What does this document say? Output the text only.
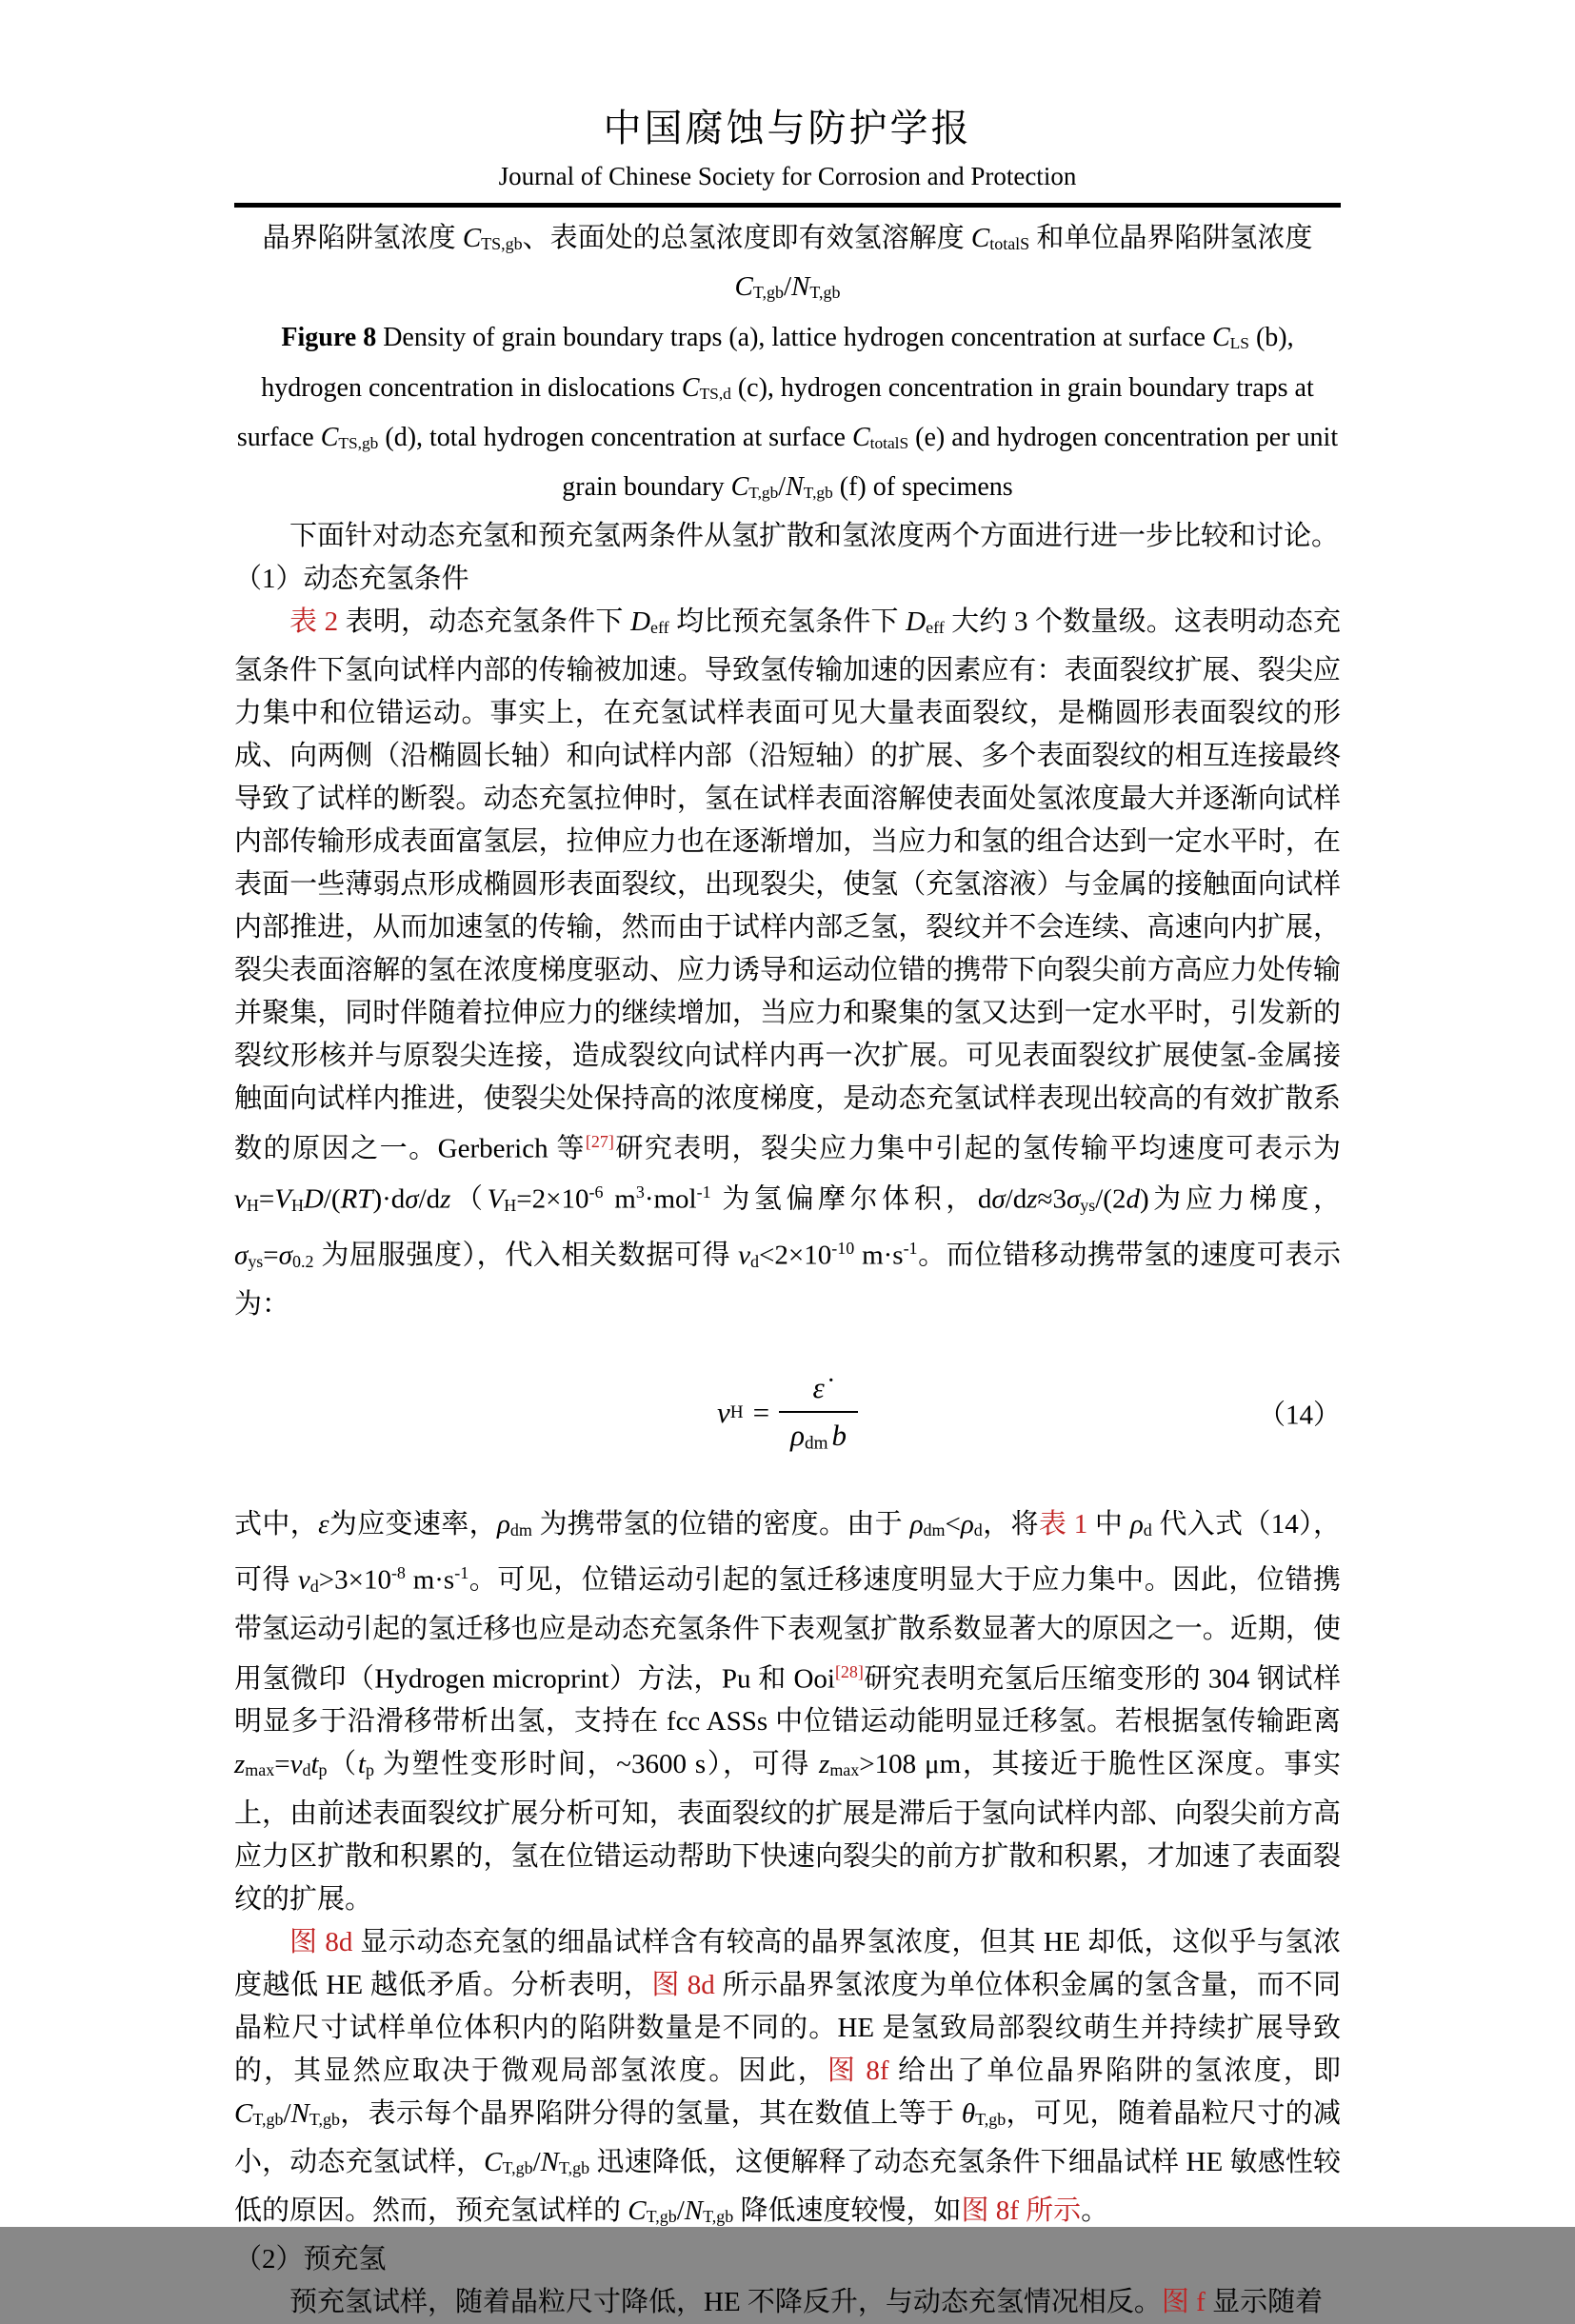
中国腐蚀与防护学报
Journal of Chinese Society for Corrosion and Protection

晶界陷阱氢浓度 CTS,gb、表面处的总氢浓度即有效氢溶解度 CtotalS 和单位晶界陷阱氢浓度

CT,gb/NT,gb

Figure 8 Density of grain boundary traps (a), lattice hydrogen concentration at surface CLS (b), hydrogen concentration in dislocations CTS,d (c), hydrogen concentration in grain boundary traps at surface CTS,gb (d), total hydrogen concentration at surface CtotalS (e) and hydrogen concentration per unit grain boundary CT,gb/NT,gb (f) of specimens

下面针对动态充氢和预充氢两条件从氢扩散和氢浓度两个方面进行进一步比较和讨论。

（1）动态充氢条件

表 2 表明，动态充氢条件下 Deff 均比预充氢条件下 Deff 大约 3 个数量级。这表明动态充氢条件下氢向试样内部的传输被加速。导致氢传输加速的因素应有：表面裂纹扩展、裂尖应力集中和位错运动。事实上，在充氢试样表面可见大量表面裂纹，是椭圆形表面裂纹的形成、向两侧（沿椭圆长轴）和向试样内部（沿短轴）的扩展、多个表面裂纹的相互连接最终导致了试样的断裂。动态充氢拉伸时，氢在试样表面溶解使表面处氢浓度最大并逐渐向试样内部传输形成表面富氢层，拉伸应力也在逐渐增加，当应力和氢的组合达到一定水平时，在表面一些薄弱点形成椭圆形表面裂纹，出现裂尖，使氢（充氢溶液）与金属的接触面向试样内部推进，从而加速氢的传输，然而由于试样内部乏氢，裂纹并不会连续、高速向内扩展，裂尖表面溶解的氢在浓度梯度驱动、应力诱导和运动位错的携带下向裂尖前方高应力处传输并聚集，同时伴随着拉伸应力的继续增加，当应力和聚集的氢又达到一定水平时，引发新的裂纹形核并与原裂尖连接，造成裂纹向试样内再一次扩展。可见表面裂纹扩展使氢-金属接触面向试样内推进，使裂尖处保持高的浓度梯度，是动态充氢试样表现出较高的有效扩散系数的原因之一。Gerberich 等[27]研究表明，裂尖应力集中引起的氢传输平均速度可表示为 $vH=VHD/(RT)\cdot d\sigma/dz(VH=2\times 10^{-6}$ $m^3\cdot mol^{-1}$ 为氢偏摩尔体积，dσ/dz≈3σys/(2d)为应力梯度，σys=σ0.2 为屈服强度），代入相关数据可得 $vd<2\times 10^{-10}$ $m\cdot s^{-1}$。而位错移动携带氢的速度可表示为：

v $H = \frac{\varepsiloṅ}{\text{ρdm b}}$	（14）

式中，ε̇为应变速率，ρdm 为携带氢的位错的密度。由于 ρdm<ρd，将表 1 中 ρd 代入式（14），可得 $vd>3\times 10^{-8}$ $m\cdot s^{-1}$。可见，位错运动引起的氢迁移速度明显大于应力集中。因此，位错携带氢运动引起的氢迁移也应是动态充氢条件下表观氢扩散系数显著大的原因之一。近期，使用氢微印（Hydrogen microprint）方法，Pu 和 Ooi[28]研究表明充氢后压缩变形的 304 钢试样明显多于沿滑移带析出氢，支持在 fcc ASSs 中位错运动能明显迁移氢。若根据氢传输距离 zmax=vdtp（tp 为塑性变形时间，~3600 s），可得 zmax>108 μm，其接近于脆性区深度。事实上，由前述表面裂纹扩展分析可知，表面裂纹的扩展是滞后于氢向试样内部、向裂尖前方高应力区扩散和积累的，氢在位错运动帮助下快速向裂尖的前方扩散和积累，才加速了表面裂纹的扩展。

图 8d 显示动态充氢的细晶试样含有较高的晶界氢浓度，但其 HE 却低，这似乎与氢浓度越低 HE 越低矛盾。分析表明，图 8d 所示晶界氢浓度为单位体积金属的氢含量，而不同晶粒尺寸试样单位体积内的陷阱数量是不同的。HE 是氢致局部裂纹萌生并持续扩展导致的，其显然应取决于微观局部氢浓度。因此，图 8f 给出了单位晶界陷阱的氢浓度，即 CT,gb/NT,gb，表示每个晶界陷阱分得的氢量，其在数值上等于 θT,gb，可见，随着晶粒尺寸的减小，动态充氢试样，CT,gb/NT,gb 迅速降低，这便解释了动态充氢条件下细晶试样 HE 敏感性较低的原因。然而，预充氢试样的 CT,gb/NT,gb 降低速度较慢，如图 8f 所示。

（2）预充氢

预充氢试样，随着晶粒尺寸降低，HE 不降反升，与动态充氢情况相反。图 f 显示随着
